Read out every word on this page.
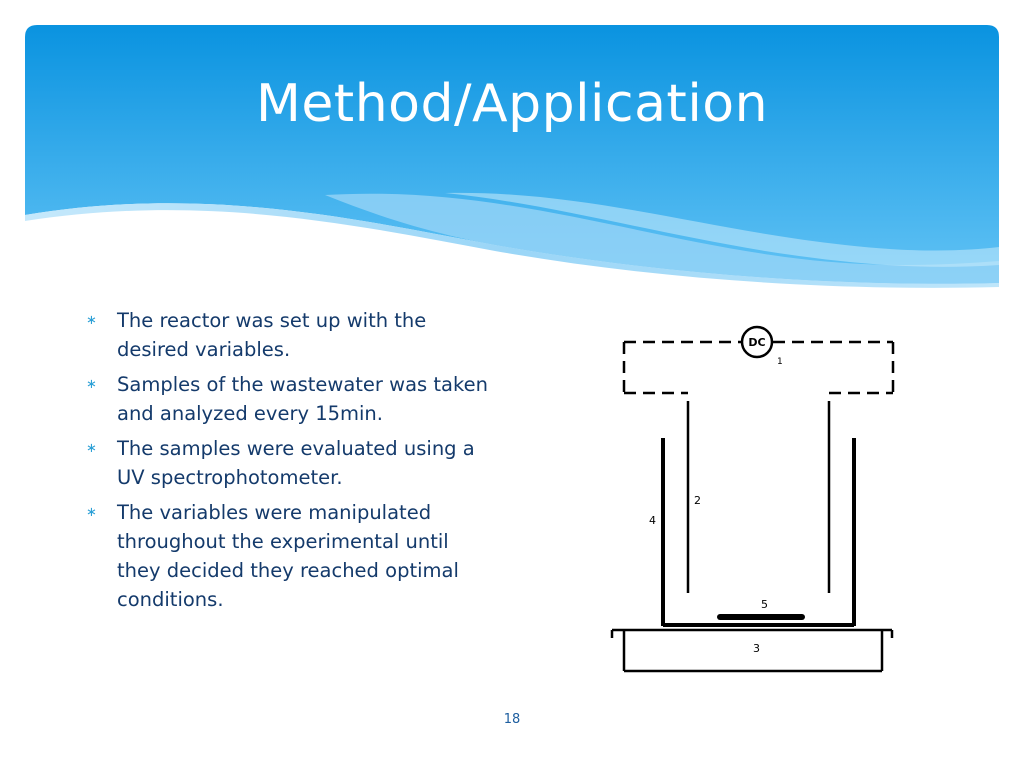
Method/Application
∗ The reactor was set up with the desired variables.
∗ Samples of the wastewater was taken and analyzed every 15min.
∗ The samples were evaluated using a UV spectrophotometer.
∗ The variables were manipulated throughout the experimental until they decided they reached optimal conditions.
DC
1
2
4
5
3
18
